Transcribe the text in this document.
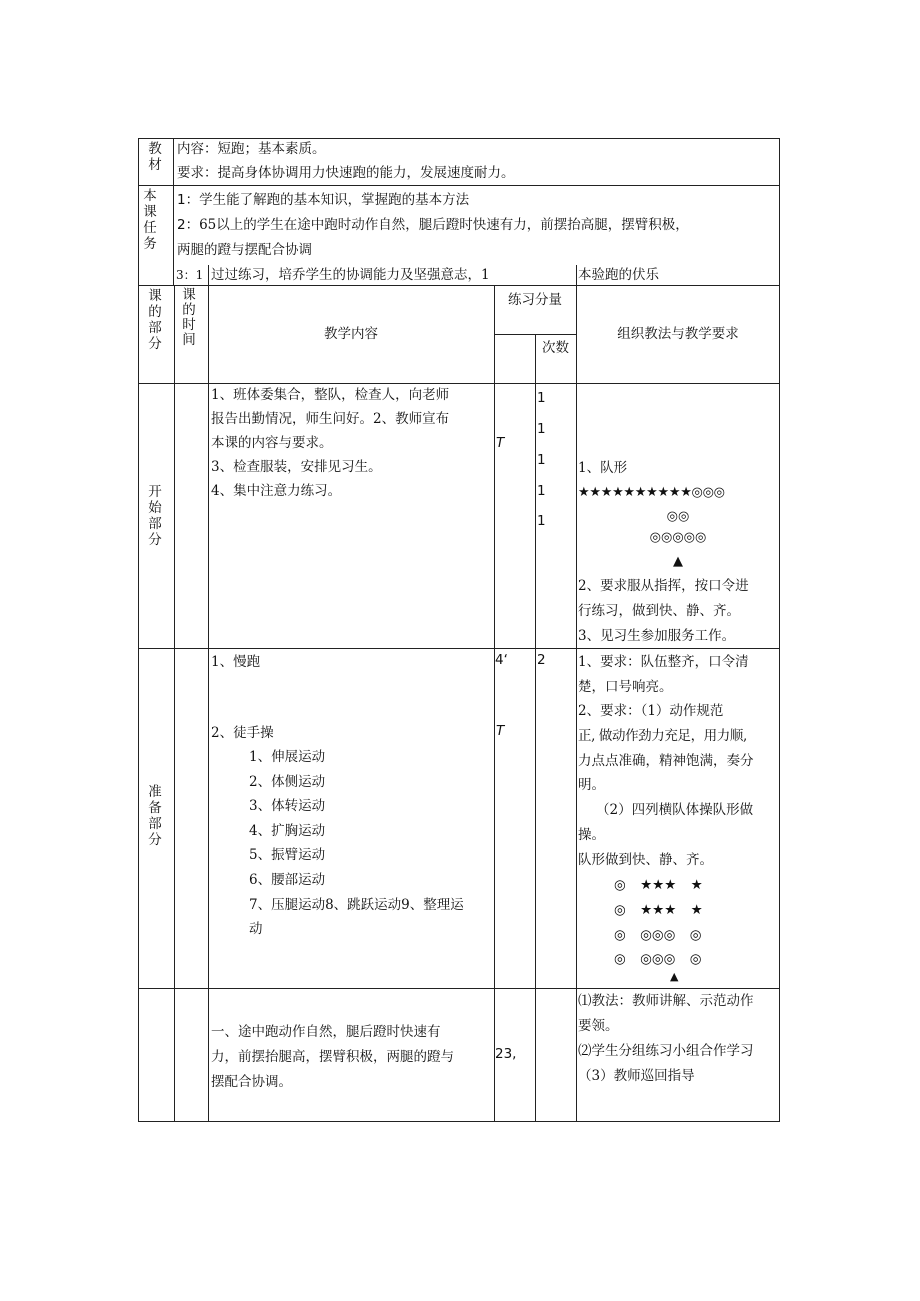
教材
内容：短跑；基本素质。
要求：提高身体协调用力快速跑的能力，发展速度耐力。
本课任务
1：学生能了解跑的基本知识，掌握跑的基本方法
2：65以上的学生在途中跑时动作自然，腿后蹬时快速有力，前摆抬高腿，摆臂积极，
两腿的蹬与摆配合协调
3：1 过过练习，培乔学生的协调能力及坚强意志，1	本验跑的伏乐
课的部分
课的时间	教学内容
练习分量
次数
组织教法与教学要求
开始部分
1、班体委集合，整队，检查人，向老师
报告出勤情况，师生问好。2、教师宣布
本课的内容与要求。
3、检查服装，安排见习生。
4、集中注意力练习。
T
1
1
1
1
1
1、队形
★★★★★★★★★★◎◎◎
◎◎
◎◎◎◎◎
▲
2、要求服从指挥，按口令进
行练习，做到快、静、齐。
3、见习生参加服务工作。
准备部分
1、慢跑
2、徒手操
1、伸展运动
2、体侧运动
3、体转运动
4、扩胸运动
5、振臂运动
6、腰部运动
7、压腿运动8、跳跃运动9、整理运
动
4‘
T
2 1、要求：队伍整齐，口令清
楚，口号响亮。
2、要求：（1）动作规范
正, 做动作劲力充足，用力顺,
力点点准确，精神饱满，奏分
明。
（2）四列横队体操队形做
操。
队形做到快、静、齐。
◎ ★★★ ★
◎ ★★★ ★
◎ ◎◎◎ ◎
◎ ◎◎◎ ◎
▲
一、途中跑动作自然，腿后蹬时快速有
力，前摆抬腿高，摆臂积极，两腿的蹬与
摆配合协调。
23,
⑴教法：教师讲解、示范动作
要领。
⑵学生分组练习小组合作学习
（3）教师巡回指导
